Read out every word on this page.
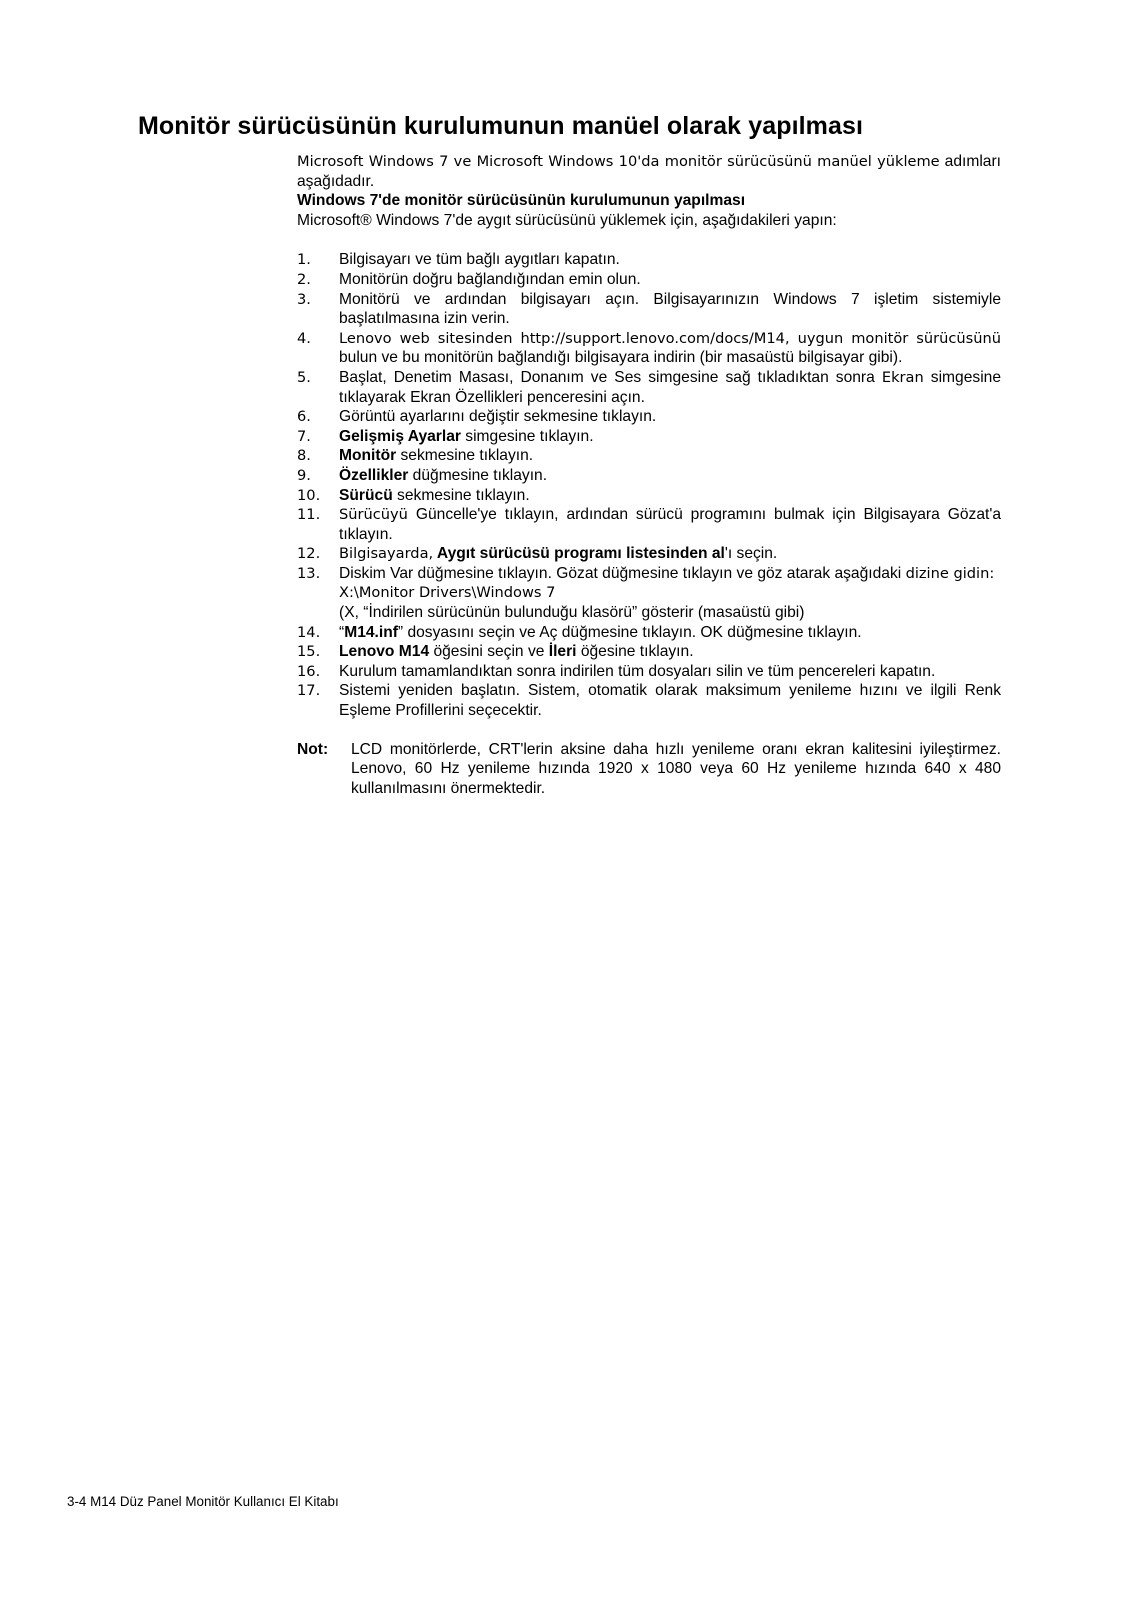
Monitör sürücüsünün kurulumunun manüel olarak yapılması

Microsoft Windows 7 ve Microsoft Windows 10'da monitör sürücüsünü manüel yükleme adımları aşağıdadır.

Windows 7'de monitör sürücüsünün kurulumunun yapılması

Microsoft® Windows 7'de aygıt sürücüsünü yüklemek için, aşağıdakileri yapın:

1. Bilgisayarı ve tüm bağlı aygıtları kapatın.
2. Monitörün doğru bağlandığından emin olun.
3. Monitörü ve ardından bilgisayarı açın. Bilgisayarınızın Windows 7 işletim sistemiyle başlatılmasına izin verin.
4. Lenovo web sitesinden http://support.lenovo.com/docs/M14, uygun monitör sürücüsünü bulun ve bu monitörün bağlandığı bilgisayara indirin (bir masaüstü bilgisayar gibi).
5. Başlat, Denetim Masası, Donanım ve Ses simgesine sağ tıkladıktan sonra Ekran simgesine tıklayarak Ekran Özellikleri penceresini açın.
6. Görüntü ayarlarını değiştir sekmesine tıklayın.
7. Gelişmiş Ayarlar simgesine tıklayın.
8. Monitör sekmesine tıklayın.
9. Özellikler düğmesine tıklayın.
10. Sürücü sekmesine tıklayın.
11. Sürücüyü Güncelle'ye tıklayın, ardından sürücü programını bulmak için Bilgisayara Gözat'a tıklayın.
12. Bilgisayarda, Aygıt sürücüsü programı listesinden al'ı seçin.
13. Diskim Var düğmesine tıklayın. Gözat düğmesine tıklayın ve göz atarak aşağıdaki dizine gidin:
X:\Monitor Drivers\Windows 7
(X, “İndirilen sürücünün bulunduğu klasörü” gösterir (masaüstü gibi)
14. “M14.inf” dosyasını seçin ve Aç düğmesine tıklayın. OK düğmesine tıklayın.
15. Lenovo M14 öğesini seçin ve İleri öğesine tıklayın.
16. Kurulum tamamlandıktan sonra indirilen tüm dosyaları silin ve tüm pencereleri kapatın.
17. Sistemi yeniden başlatın. Sistem, otomatik olarak maksimum yenileme hızını ve ilgili Renk Eşleme Profillerini seçecektir.
Not: LCD monitörlerde, CRT'lerin aksine daha hızlı yenileme oranı ekran kalitesini iyileştirmez. Lenovo, 60 Hz yenileme hızında 1920 x 1080 veya 60 Hz yenileme hızında 640 x 480 kullanılmasını önermektedir.
3-4 M14 Düz Panel Monitör Kullanıcı El Kitabı
